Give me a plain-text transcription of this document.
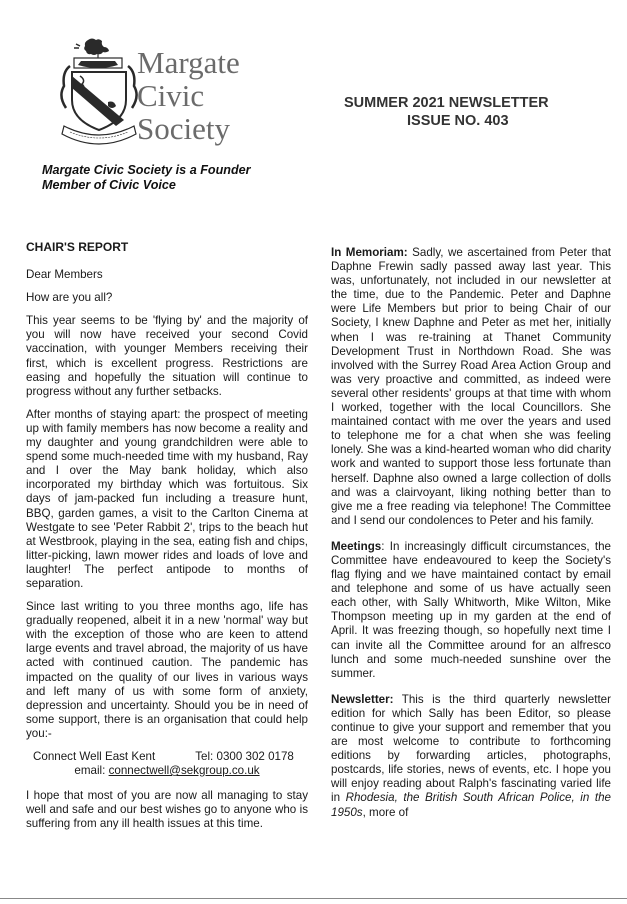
Margate
Civic
Society
SUMMER 2021 NEWSLETTER
ISSUE NO. 403
Margate Civic Society is a Founder
Member of Civic Voice

CHAIR'S REPORT

Dear Members

How are you all?

This year seems to be 'flying by' and the majority of you will now have received your second Covid vaccination, with younger Members receiving their first, which is excellent progress. Restrictions are easing and hopefully the situation will continue to progress without any further setbacks.

After months of staying apart: the prospect of meeting up with family members has now become a reality and my daughter and young grandchildren were able to spend some much-needed time with my husband, Ray and I over the May bank holiday, which also incorporated my birthday which was fortuitous. Six days of jam-packed fun including a treasure hunt, BBQ, garden games, a visit to the Carlton Cinema at Westgate to see 'Peter Rabbit 2', trips to the beach hut at Westbrook, playing in the sea, eating fish and chips, litter-picking, lawn mower rides and loads of love and laughter! The perfect antipode to months of separation.

Since last writing to you three months ago, life has gradually reopened, albeit it in a new 'normal' way but with the exception of those who are keen to attend large events and travel abroad, the majority of us have acted with continued caution. The pandemic has impacted on the quality of our lives in various ways and left many of us with some form of anxiety, depression and uncertainty. Should you be in need of some support, there is an organisation that could help you:-

Connect Well East Kent	Tel: 0300 302 0178
email: connectwell@sekgroup.co.uk

I hope that most of you are now all managing to stay well and safe and our best wishes go to anyone who is suffering from any ill health issues at this time.

In Memoriam: Sadly, we ascertained from Peter that Daphne Frewin sadly passed away last year. This was, unfortunately, not included in our newsletter at the time, due to the Pandemic. Peter and Daphne were Life Members but prior to being Chair of our Society, I knew Daphne and Peter as met her, initially when I was re-training at Thanet Community Development Trust in Northdown Road. She was involved with the Surrey Road Area Action Group and was very proactive and committed, as indeed were several other residents' groups at that time with whom I worked, together with the local Councillors. She maintained contact with me over the years and used to telephone me for a chat when she was feeling lonely. She was a kind-hearted woman who did charity work and wanted to support those less fortunate than herself. Daphne also owned a large collection of dolls and was a clairvoyant, liking nothing better than to give me a free reading via telephone! The Committee and I send our condolences to Peter and his family.

Meetings: In increasingly difficult circumstances, the Committee have endeavoured to keep the Society's flag flying and we have maintained contact by email and telephone and some of us have actually seen each other, with Sally Whitworth, Mike Wilton, Mike Thompson meeting up in my garden at the end of April. It was freezing though, so hopefully next time I can invite all the Committee around for an alfresco lunch and some much-needed sunshine over the summer.

Newsletter: This is the third quarterly newsletter edition for which Sally has been Editor, so please continue to give your support and remember that you are most welcome to contribute to forthcoming editions by forwarding articles, photographs, postcards, life stories, news of events, etc. I hope you will enjoy reading about Ralph's fascinating varied life in Rhodesia, the British South African Police, in the 1950s, more of
